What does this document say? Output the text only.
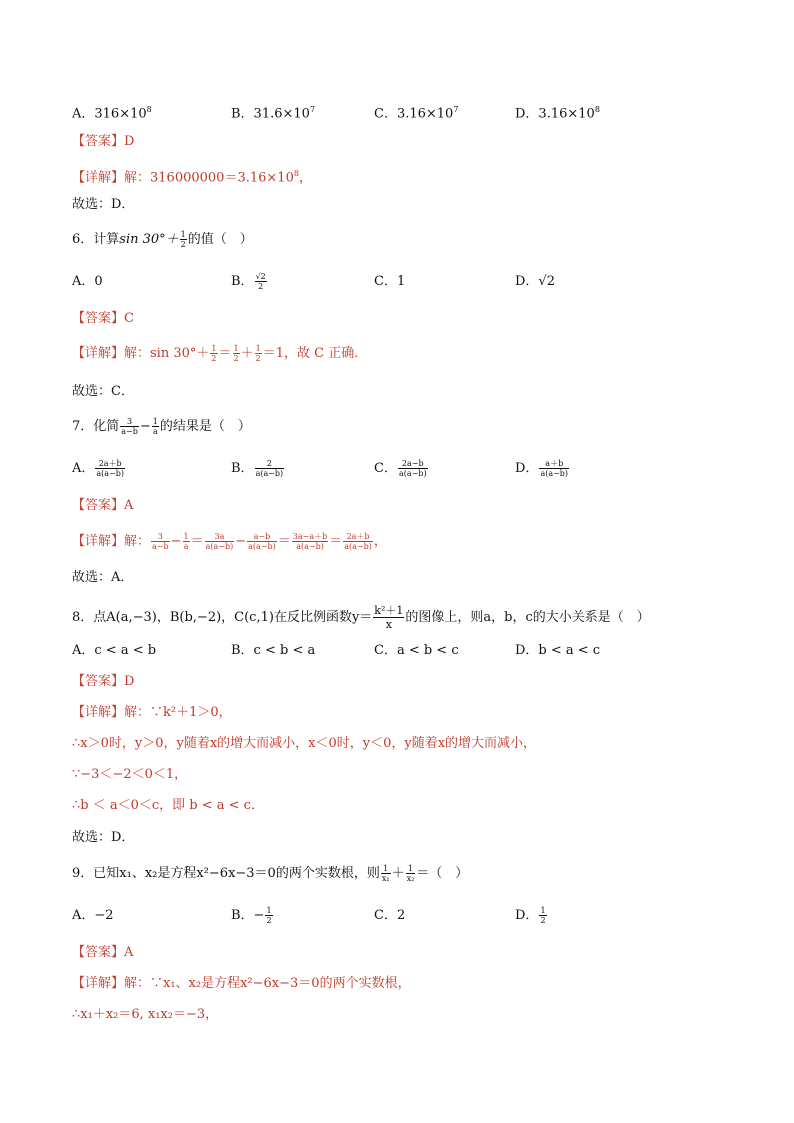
A．$316\times 10^8$	B．$31.6\times 10^7$	C．$3.16\times 10^7$	D．$3.16\times 10^8$
【答案】D
【详解】解：$316000000=3.16\times 10^8$，
故选：D．
6．计算$\sin 30^\circ+ \frac{1}{2}$ 的值（　）
A．0	B． $\frac{√2}{2}$	C．1	D．√2
【答案】C
【详解】解：$\sin 30^\circ+ \frac{1}{2} = \frac{1}{2} + \frac{1}{2} =1$，故 C 正确．
故选：C．
7．化简 $\frac{3}{a-b} - \frac{1}{a}$ 的结果是（　）
A． $\frac{2a+b}{a(a-b)}$	B． $\frac{2}{a(a-b)}$	C． $\frac{2a-b}{a(a-b)}$	D． $\frac{a+b}{a(a-b)}$
【答案】A
【详解】解： $\frac{3}{a-b} - \frac{1}{a} = \frac{3a}{a(a-b)} - \frac{a-b}{a(a-b)} = \frac{3a-a+b}{a(a-b)} = \frac{2a+b}{a(a-b)}$ ，
故选：A．
8．点A(a,−3)，B(b,−2)，C(c,1)在反比例函数$y= \frac{\text{k²＋1}}{x}$ 的图像上，则a，b，c的大小关系是（　）
A．c < a < b	B．c < b < a	C．a < b < c	D．b < a < c
【答案】D
【详解】解：∵k²＋1＞0，
∴x＞0时，y＞0，y随着x的增大而减小，x＜0时，y＜0，y随着x的增大而减小，
∵−3＜−2＜0＜1，
∴b ＜ a＜0＜c，即 b < a < c．
故选：D．
9．已知x₁、x₂是方程x²−6x−3＝0的两个实数根，则 $\frac{1}{\text{x₁}} + \frac{1}{\text{x₂}}$ ＝（　）
A．−2	B．− $\frac{1}{2}$	C．2	D． $\frac{1}{2}$
【答案】A
【详解】解：∵x₁、x₂是方程x²−6x−3＝0的两个实数根，
∴x₁＋x₂＝6, x₁x₂＝−3，
